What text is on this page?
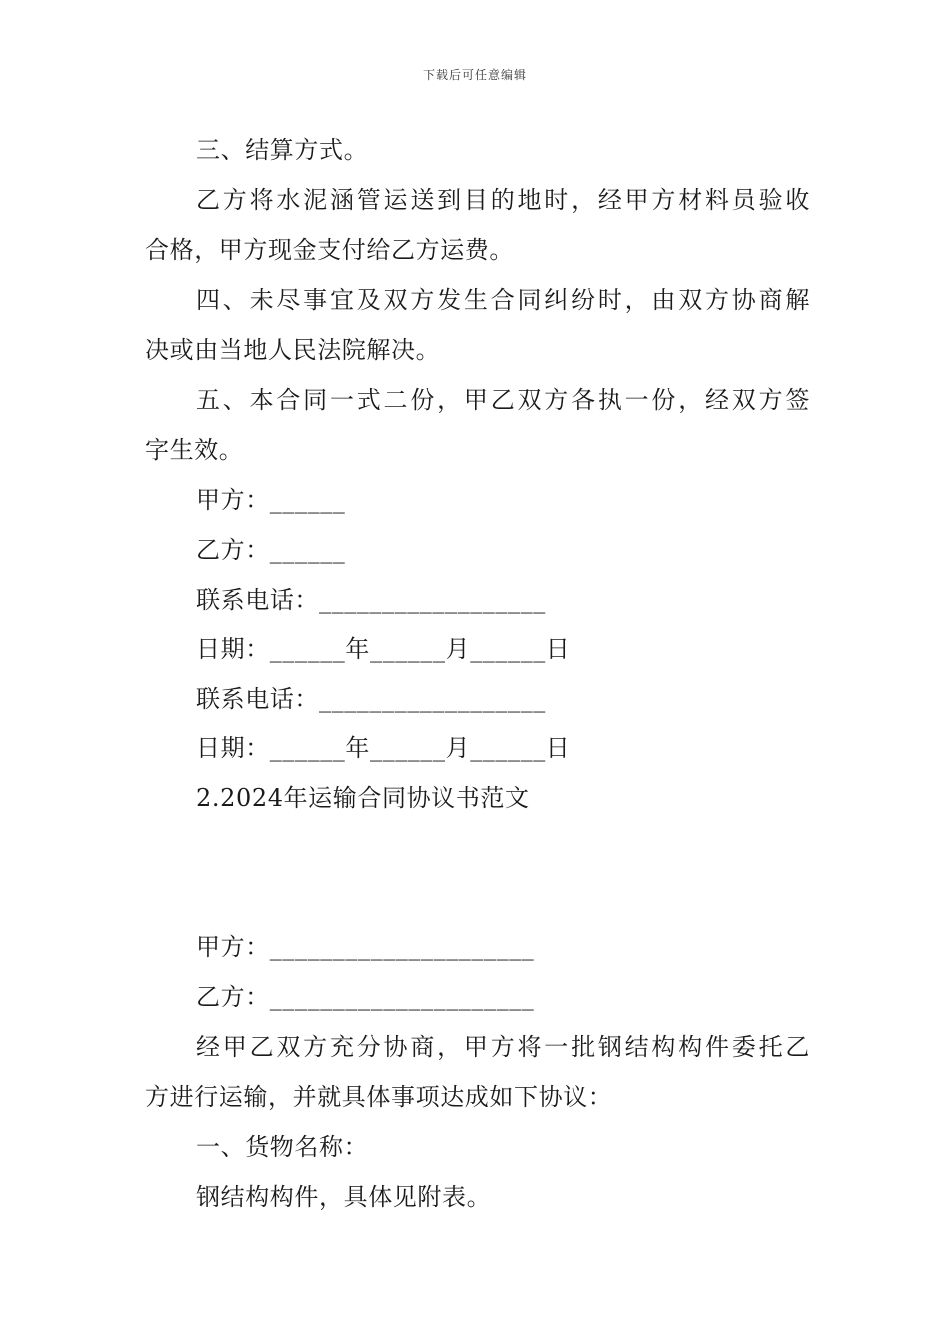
下载后可任意编辑
三、结算方式。
乙方将水泥涵管运送到目的地时，经甲方材料员验收
合格，甲方现金支付给乙方运费。
四、未尽事宜及双方发生合同纠纷时，由双方协商解
决或由当地人民法院解决。
五、本合同一式二份，甲乙双方各执一份，经双方签
字生效。
甲方：______
乙方：______
联系电话：__________________
日期：______年______月______日
联系电话：__________________
日期：______年______月______日
2.2024年运输合同协议书范文
甲方：_____________________
乙方：_____________________
经甲乙双方充分协商，甲方将一批钢结构构件委托乙
方进行运输，并就具体事项达成如下协议：
一、货物名称：
钢结构构件，具体见附表。
